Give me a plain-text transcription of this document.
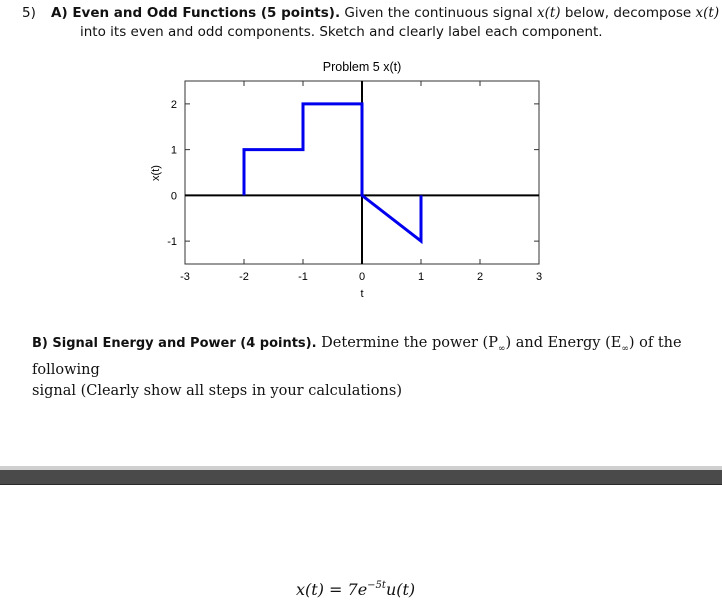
5) A) Even and Odd Functions (5 points). Given the continuous signal x(t) below, decompose x(t)
into its even and odd components. Sketch and clearly label each component.
Problem 5 x(t)
-3	-2	-1	0	1	2	3
-1
0
1
2
t
x(t)
B) Signal Energy and Power (4 points). Determine the power $(P_\infty)$ and Energy $(E_\infty)$ of the following
signal (Clearly show all steps in your calculations)
$x(t) = 7e^{-5t}u(t)$
